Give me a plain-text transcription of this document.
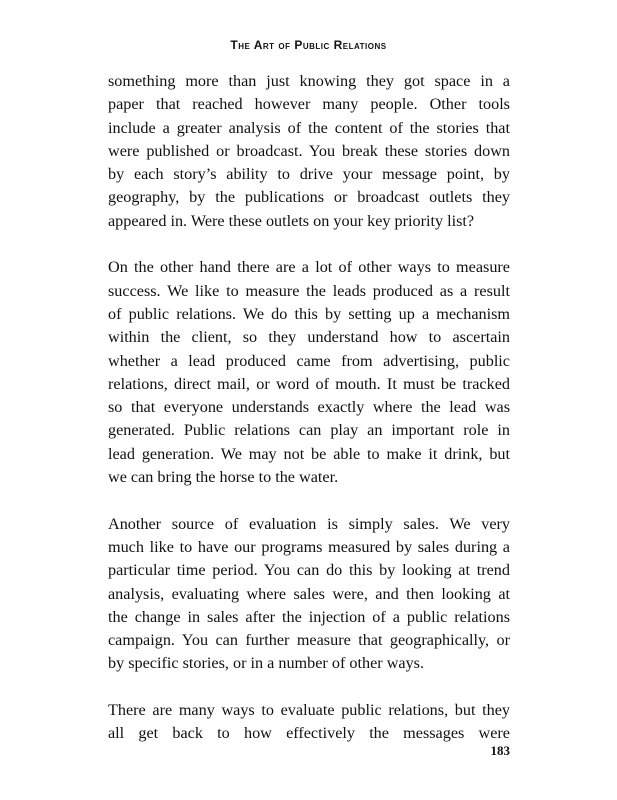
The Art of Public Relations

something more than just knowing they got space in a
paper that reached however many people. Other tools
include a greater analysis of the content of the stories that
were published or broadcast. You break these stories down
by each story’s ability to drive your message point, by
geography, by the publications or broadcast outlets they
appeared in. Were these outlets on your key priority list?

On the other hand there are a lot of other ways to measure
success. We like to measure the leads produced as a result
of public relations. We do this by setting up a mechanism
within the client, so they understand how to ascertain
whether a lead produced came from advertising, public
relations, direct mail, or word of mouth. It must be tracked
so that everyone understands exactly where the lead was
generated. Public relations can play an important role in
lead generation. We may not be able to make it drink, but
we can bring the horse to the water.

Another source of evaluation is simply sales. We very
much like to have our programs measured by sales during a
particular time period. You can do this by looking at trend
analysis, evaluating where sales were, and then looking at
the change in sales after the injection of a public relations
campaign. You can further measure that geographically, or
by specific stories, or in a number of other ways.

There are many ways to evaluate public relations, but they
all get back to how effectively the messages were

183
